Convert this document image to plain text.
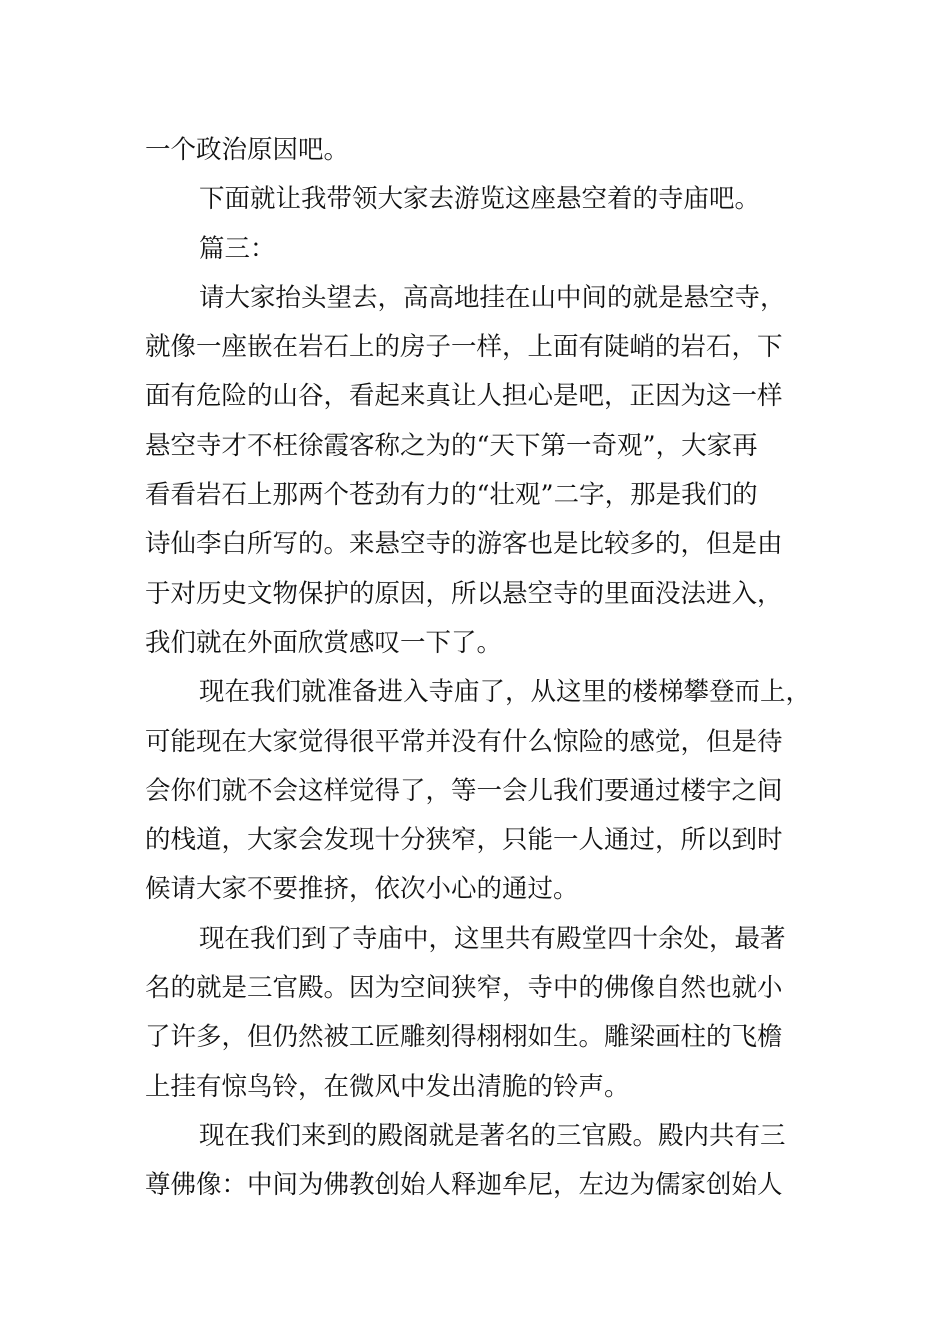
一个政治原因吧。
下面就让我带领大家去游览这座悬空着的寺庙吧。
篇三：
请大家抬头望去，高高地挂在山中间的就是悬空寺，
就像一座嵌在岩石上的房子一样，上面有陡峭的岩石，下
面有危险的山谷，看起来真让人担心是吧，正因为这一样
悬空寺才不枉徐霞客称之为的“天下第一奇观”，大家再
看看岩石上那两个苍劲有力的“壮观”二字，那是我们的
诗仙李白所写的。来悬空寺的游客也是比较多的，但是由
于对历史文物保护的原因，所以悬空寺的里面没法进入，
我们就在外面欣赏感叹一下了。
现在我们就准备进入寺庙了，从这里的楼梯攀登而上，
可能现在大家觉得很平常并没有什么惊险的感觉，但是待
会你们就不会这样觉得了，等一会儿我们要通过楼宇之间
的栈道，大家会发现十分狭窄，只能一人通过，所以到时
候请大家不要推挤，依次小心的通过。
现在我们到了寺庙中，这里共有殿堂四十余处，最著
名的就是三官殿。因为空间狭窄，寺中的佛像自然也就小
了许多，但仍然被工匠雕刻得栩栩如生。雕梁画柱的飞檐
上挂有惊鸟铃，在微风中发出清脆的铃声。
现在我们来到的殿阁就是著名的三官殿。殿内共有三
尊佛像：中间为佛教创始人释迦牟尼，左边为儒家创始人
